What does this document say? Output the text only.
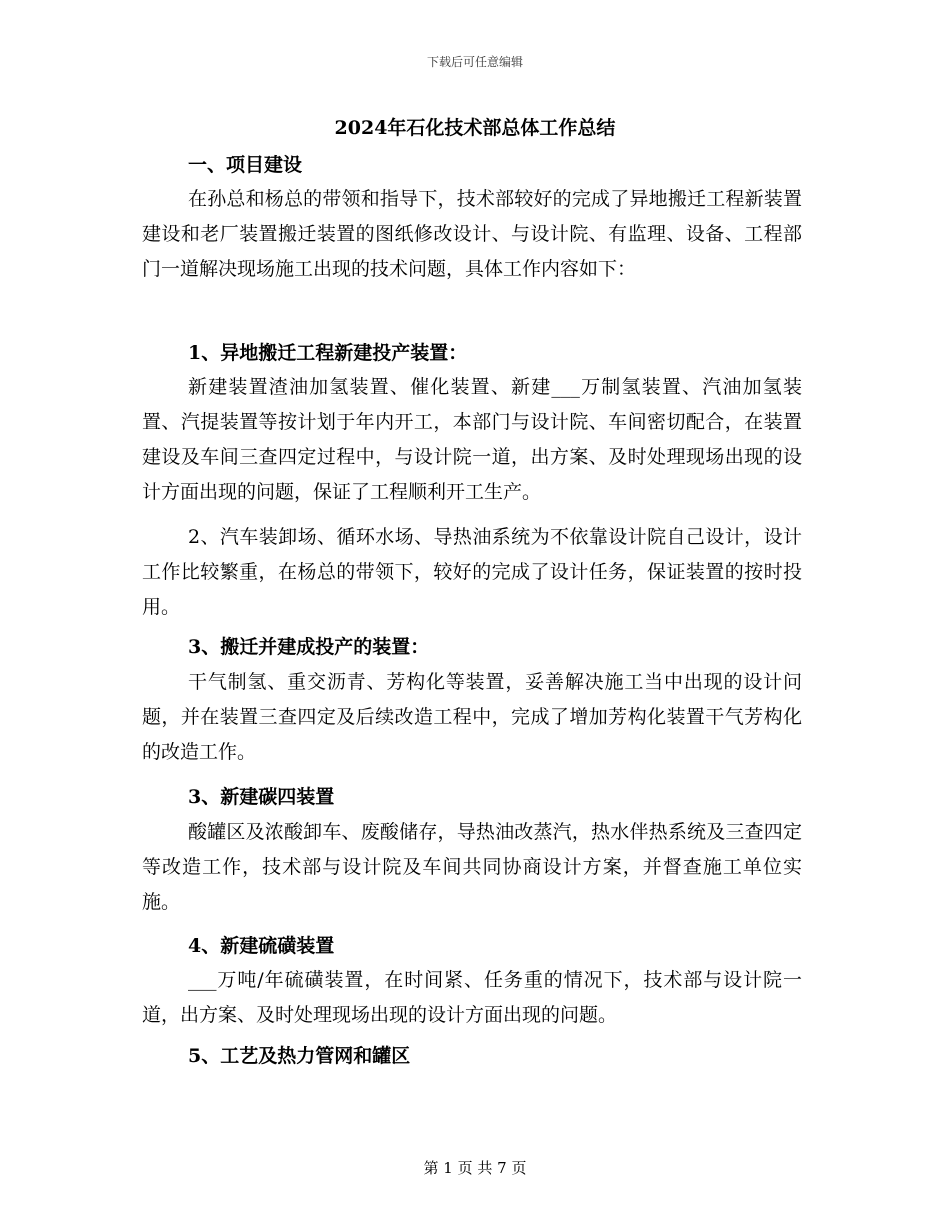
下载后可任意编辑
2024年石化技术部总体工作总结
一、项目建设

在孙总和杨总的带领和指导下，技术部较好的完成了异地搬迁工程新装置建设和老厂装置搬迁装置的图纸修改设计、与设计院、有监理、设备、工程部门一道解决现场施工出现的技术问题，具体工作内容如下：

1、异地搬迁工程新建投产装置：

新建装置渣油加氢装置、催化装置、新建___万制氢装置、汽油加氢装置、汽提装置等按计划于年内开工，本部门与设计院、车间密切配合，在装置建设及车间三查四定过程中，与设计院一道，出方案、及时处理现场出现的设计方面出现的问题，保证了工程顺利开工生产。

2、汽车装卸场、循环水场、导热油系统为不依靠设计院自己设计，设计工作比较繁重，在杨总的带领下，较好的完成了设计任务，保证装置的按时投用。

3、搬迁并建成投产的装置：

干气制氢、重交沥青、芳构化等装置，妥善解决施工当中出现的设计问题，并在装置三查四定及后续改造工程中，完成了增加芳构化装置干气芳构化的改造工作。

3、新建碳四装置

酸罐区及浓酸卸车、废酸储存，导热油改蒸汽，热水伴热系统及三查四定等改造工作，技术部与设计院及车间共同协商设计方案，并督查施工单位实施。

4、新建硫磺装置

___万吨/年硫磺装置，在时间紧、任务重的情况下，技术部与设计院一道，出方案、及时处理现场出现的设计方面出现的问题。

5、工艺及热力管网和罐区
第 1 页 共 7 页
